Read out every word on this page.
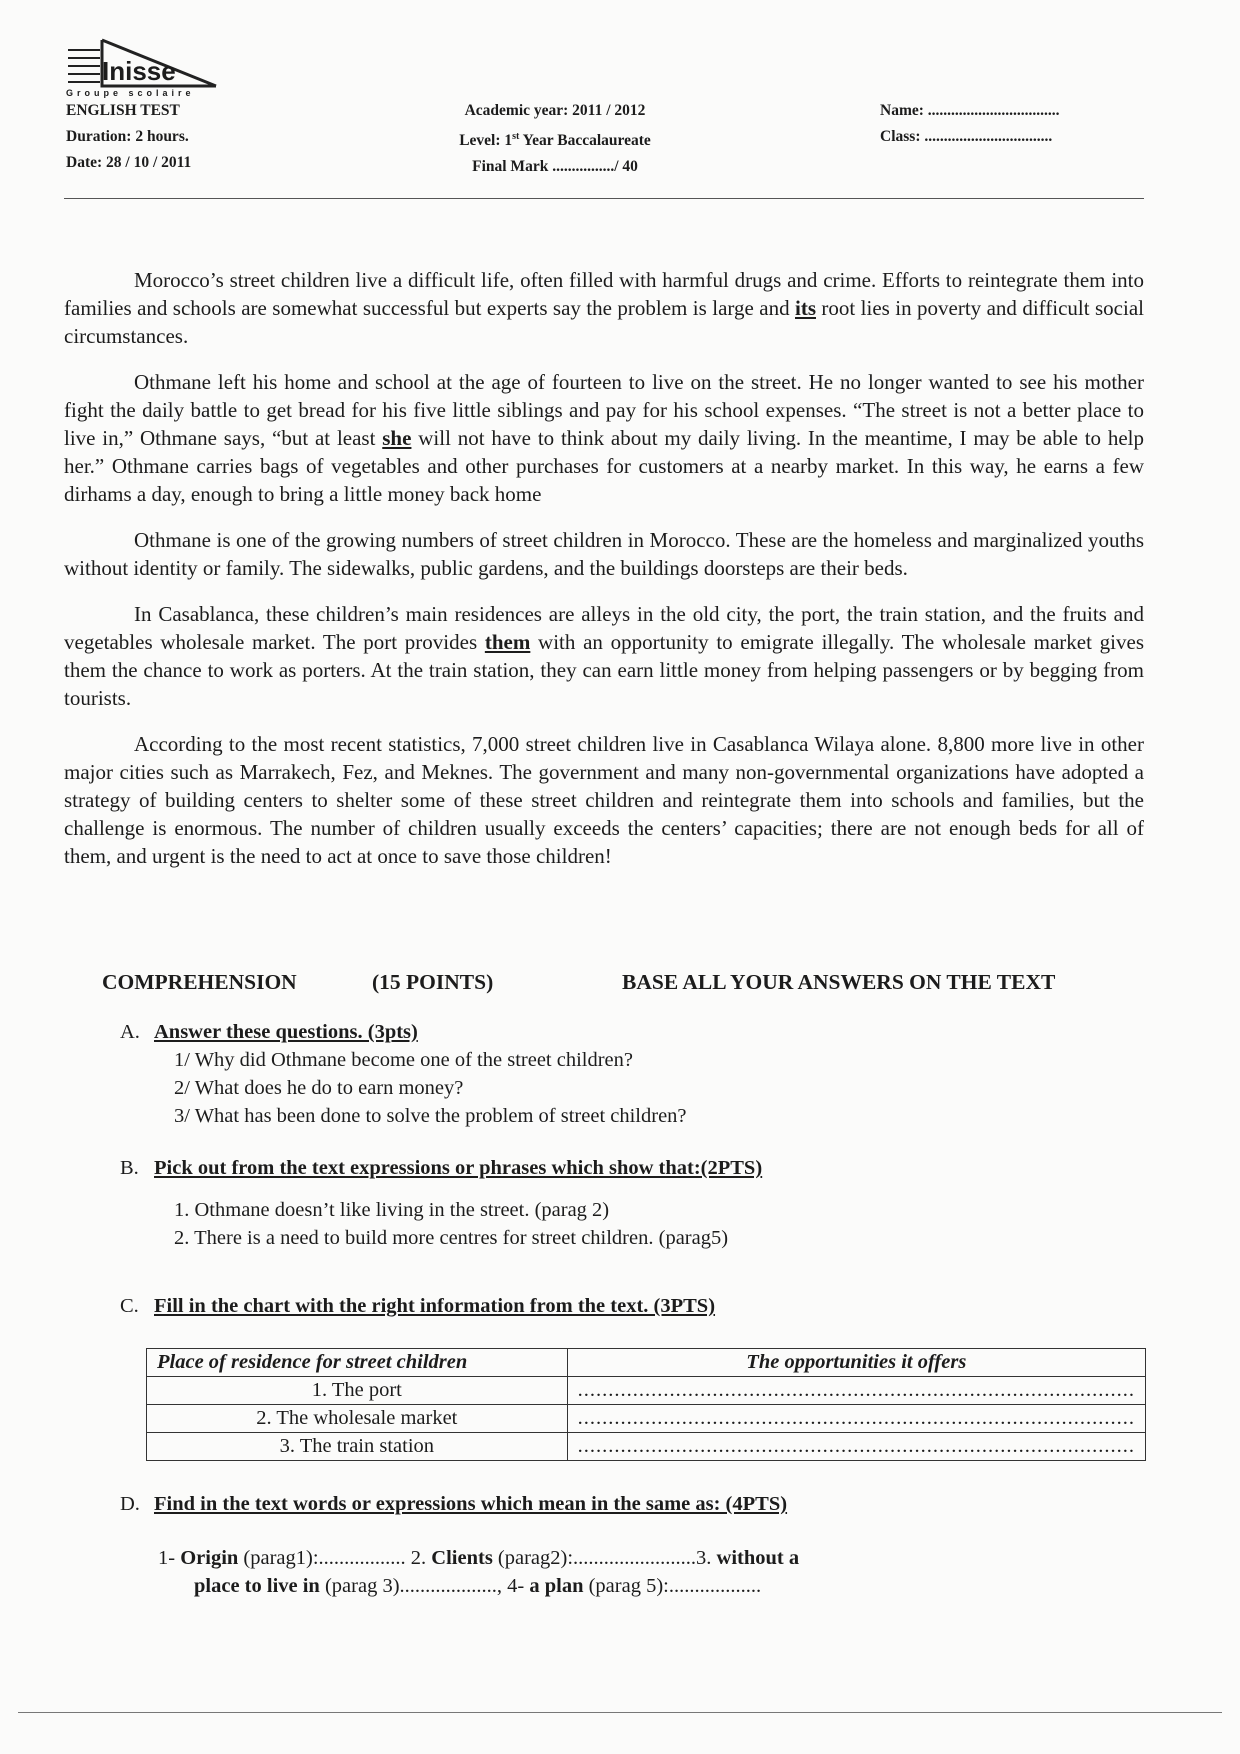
Inisse
Groupe scolaire
ENGLISH TEST
Duration: 2 hours.
Date: 28 / 10 / 2011
Academic year: 2011 / 2012
Level: 1st Year Baccalaureate
Final Mark ................/ 40
Name: ..................................
Class: .................................

Morocco’s street children live a difficult life, often filled with harmful drugs and crime. Efforts to reintegrate them into families and schools are somewhat successful but experts say the problem is large and its root lies in poverty and difficult social circumstances.

Othmane left his home and school at the age of fourteen to live on the street. He no longer wanted to see his mother fight the daily battle to get bread for his five little siblings and pay for his school expenses. “The street is not a better place to live in,” Othmane says, “but at least she will not have to think about my daily living. In the meantime, I may be able to help her.” Othmane carries bags of vegetables and other purchases for customers at a nearby market. In this way, he earns a few dirhams a day, enough to bring a little money back home

Othmane is one of the growing numbers of street children in Morocco. These are the homeless and marginalized youths without identity or family. The sidewalks, public gardens, and the buildings doorsteps are their beds.

In Casablanca, these children’s main residences are alleys in the old city, the port, the train station, and the fruits and vegetables wholesale market. The port provides them with an opportunity to emigrate illegally. The wholesale market gives them the chance to work as porters. At the train station, they can earn little money from helping passengers or by begging from tourists.

According to the most recent statistics, 7,000 street children live in Casablanca Wilaya alone. 8,800 more live in other major cities such as Marrakech, Fez, and Meknes. The government and many non-governmental organizations have adopted a strategy of building centers to shelter some of these street children and reintegrate them into schools and families, but the challenge is enormous. The number of children usually exceeds the centers’ capacities; there are not enough beds for all of them, and urgent is the need to act at once to save those children!

COMPREHENSION	(15 POINTS)	BASE ALL YOUR ANSWERS ON THE TEXT
A. Answer these questions. (3pts)
1/ Why did Othmane become one of the street children?
2/ What does he do to earn money?
3/ What has been done to solve the problem of street children?
B. Pick out from the text expressions or phrases which show that:(2PTS)
1. Othmane doesn’t like living in the street. (parag 2)
2. There is a need to build more centres for street children. (parag5)
C. Fill in the chart with the right information from the text. (3PTS)
Place of residence for street children	The opportunities it offers
1. The port	...........................................................................................
2. The wholesale market	...........................................................................................
3. The train station	...........................................................................................
D. Find in the text words or expressions which mean in the same as: (4PTS)
1- Origin (parag1):................. 2. Clients (parag2):........................3. without a
place to live in (parag 3)..................., 4- a plan (parag 5):..................
